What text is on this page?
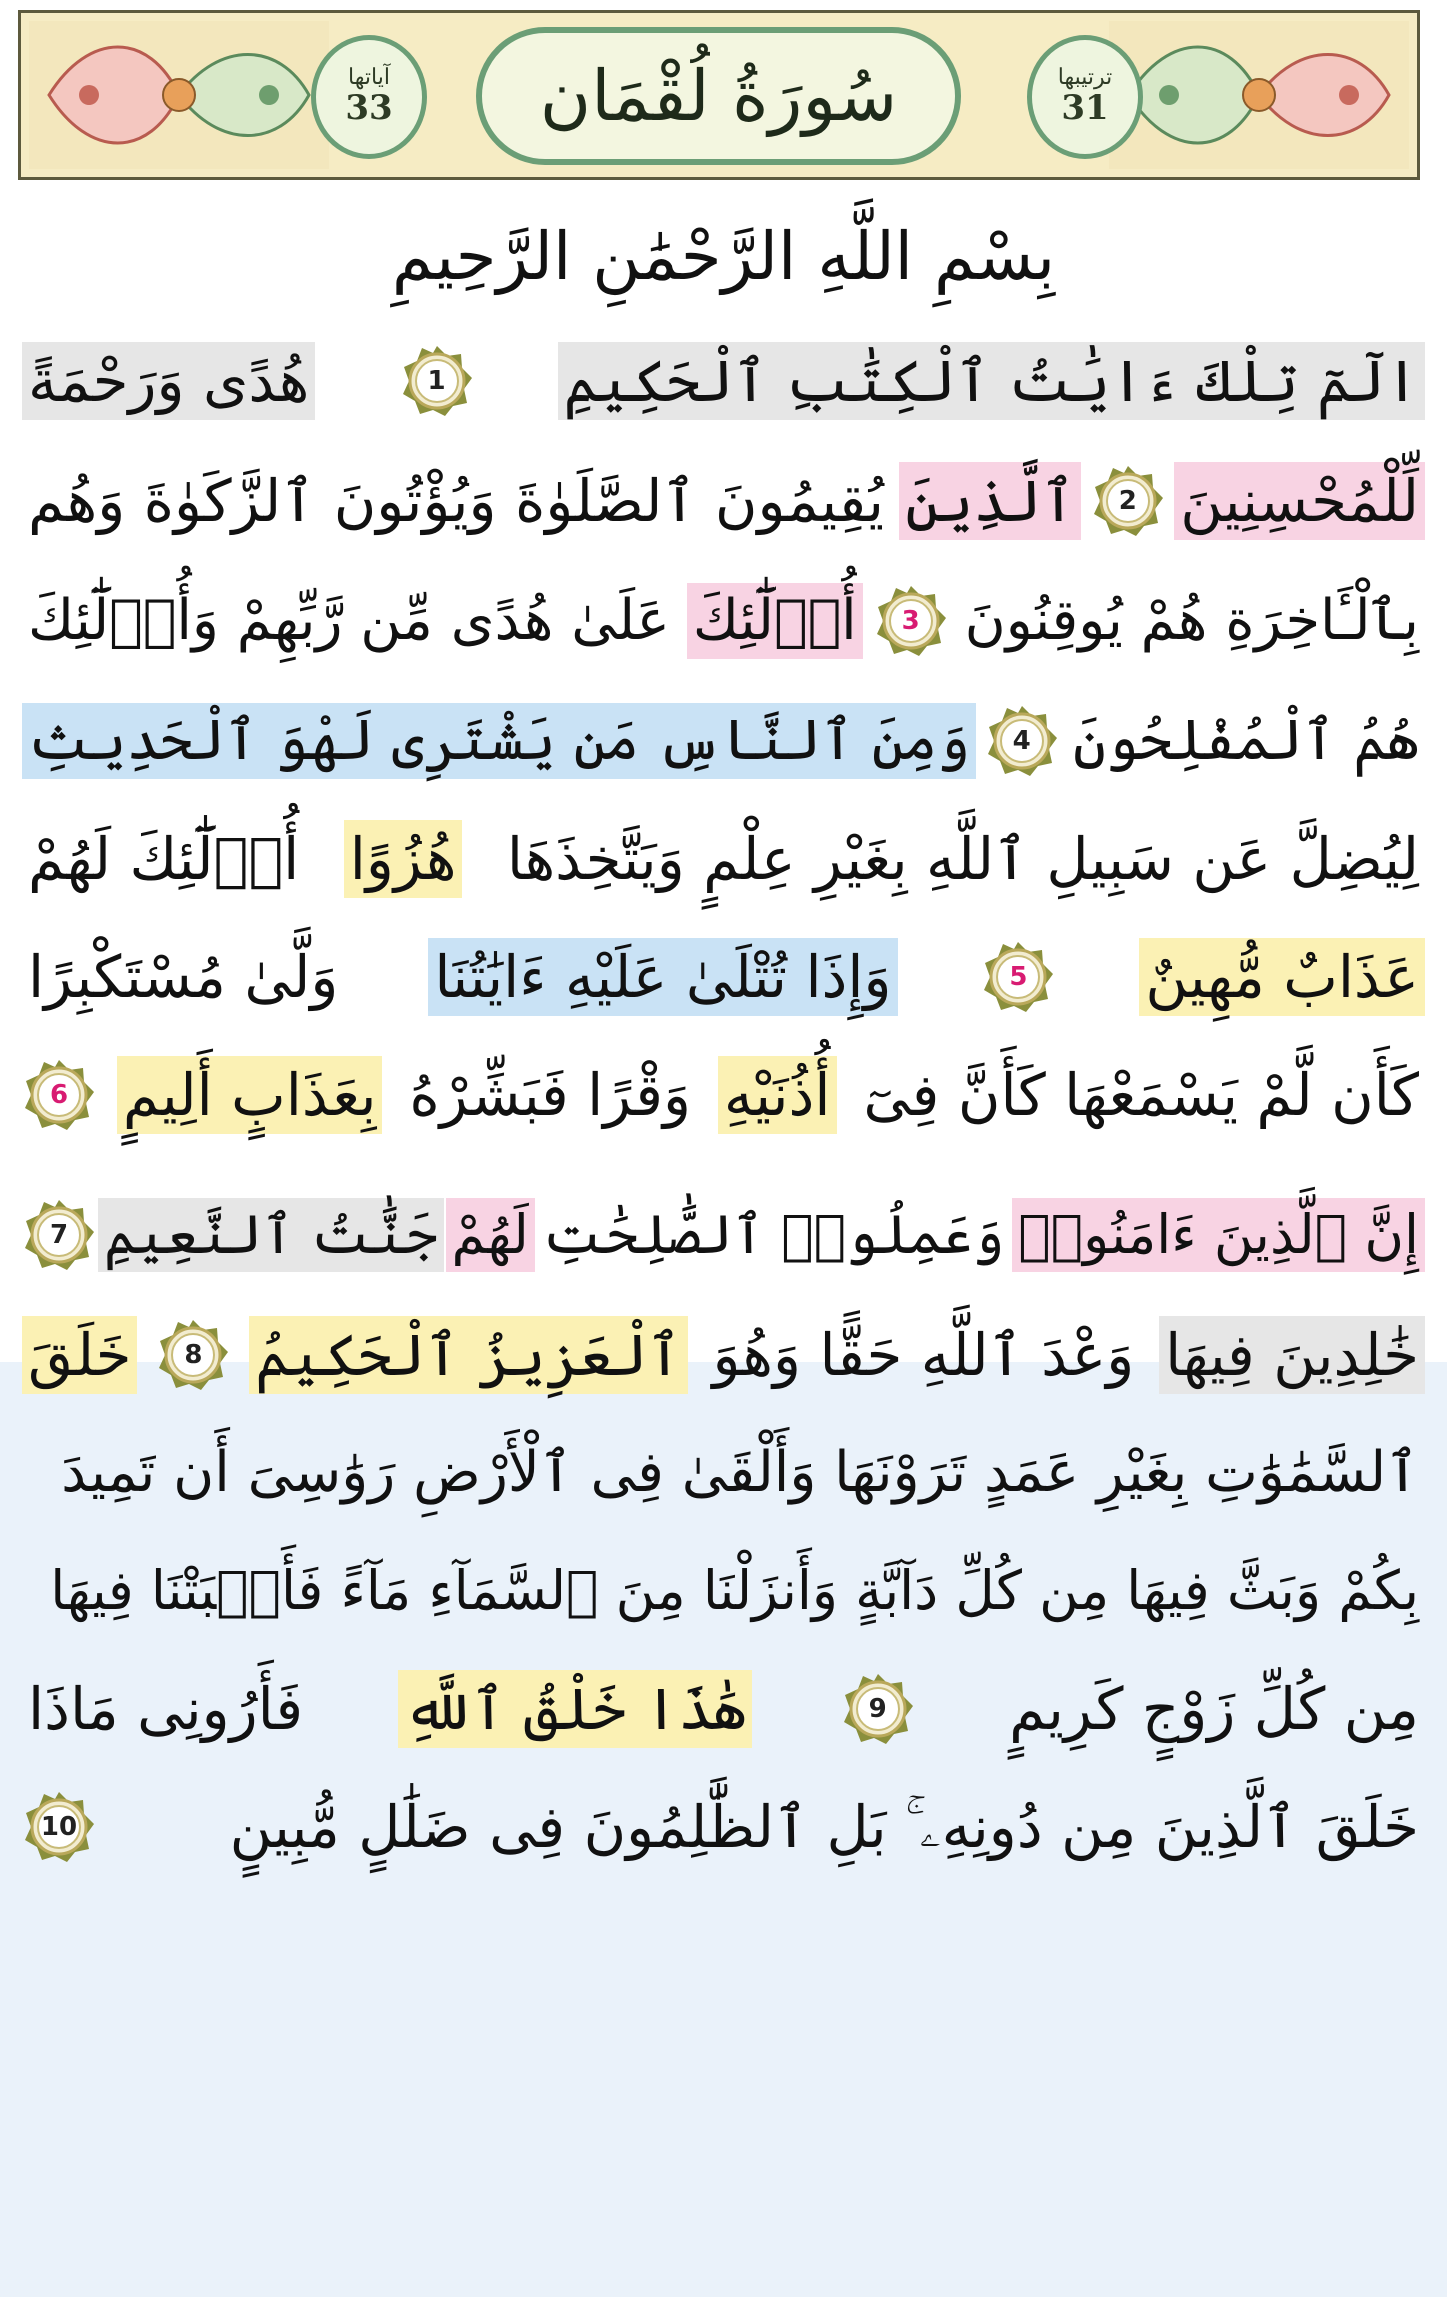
آياتها
33 سُورَةُ لُقْمَان	ترتيبها
31
بِسْمِ اللَّهِ الرَّحْمَٰنِ الرَّحِيمِ
الٓمٓ تِلْكَ ءَايَٰتُ ٱلْكِتَٰبِ ٱلْحَكِيمِ
1
هُدًى وَرَحْمَةً
لِّلْمُحْسِنِينَ
2
ٱلَّذِينَ
يُقِيمُونَ ٱلصَّلَوٰةَ وَيُؤْتُونَ ٱلزَّكَوٰةَ وَهُم
بِٱلْـَٔاخِرَةِ هُمْ يُوقِنُونَ
3
أُو۟لَٰٓئِكَ
عَلَىٰ هُدًى مِّن رَّبِّهِمْ وَأُو۟لَٰٓئِكَ
هُمُ ٱلْمُفْلِحُونَ
4
وَمِنَ ٱلنَّاسِ مَن يَشْتَرِى لَهْوَ ٱلْحَدِيثِ
لِيُضِلَّ عَن سَبِيلِ ٱللَّهِ بِغَيْرِ عِلْمٍ وَيَتَّخِذَهَا
هُزُوًا
أُو۟لَٰٓئِكَ لَهُمْ
عَذَابٌ مُّهِينٌ
5
وَإِذَا تُتْلَىٰ عَلَيْهِ ءَايَٰتُنَا
وَلَّىٰ مُسْتَكْبِرًا
كَأَن لَّمْ يَسْمَعْهَا كَأَنَّ فِىٓ
أُذُنَيْهِ
وَقْرًا فَبَشِّرْهُ
بِعَذَابٍ أَلِيمٍ
6
إِنَّ ٱلَّذِينَ ءَامَنُوا۟
وَعَمِلُوا۟ ٱلصَّٰلِحَٰتِ
لَهُمْ
جَنَّٰتُ ٱلنَّعِيمِ
7
خَٰلِدِينَ فِيهَا
وَعْدَ ٱللَّهِ حَقًّا وَهُوَ
ٱلْعَزِيزُ ٱلْحَكِيمُ
8
خَلَقَ
ٱلسَّمَٰوَٰتِ بِغَيْرِ عَمَدٍ تَرَوْنَهَا وَأَلْقَىٰ فِى ٱلْأَرْضِ رَوَٰسِىَ أَن تَمِيدَ
بِكُمْ وَبَثَّ فِيهَا مِن كُلِّ دَآبَّةٍ وَأَنزَلْنَا مِنَ ٱلسَّمَآءِ مَآءً فَأَنۢبَتْنَا فِيهَا
مِن كُلِّ زَوْجٍ كَرِيمٍ
9
هَٰذَا خَلْقُ ٱللَّهِ
فَأَرُونِى مَاذَا
خَلَقَ ٱلَّذِينَ مِن دُونِهِۦ ۚ بَلِ ٱلظَّٰلِمُونَ فِى ضَلَٰلٍ مُّبِينٍ
10
